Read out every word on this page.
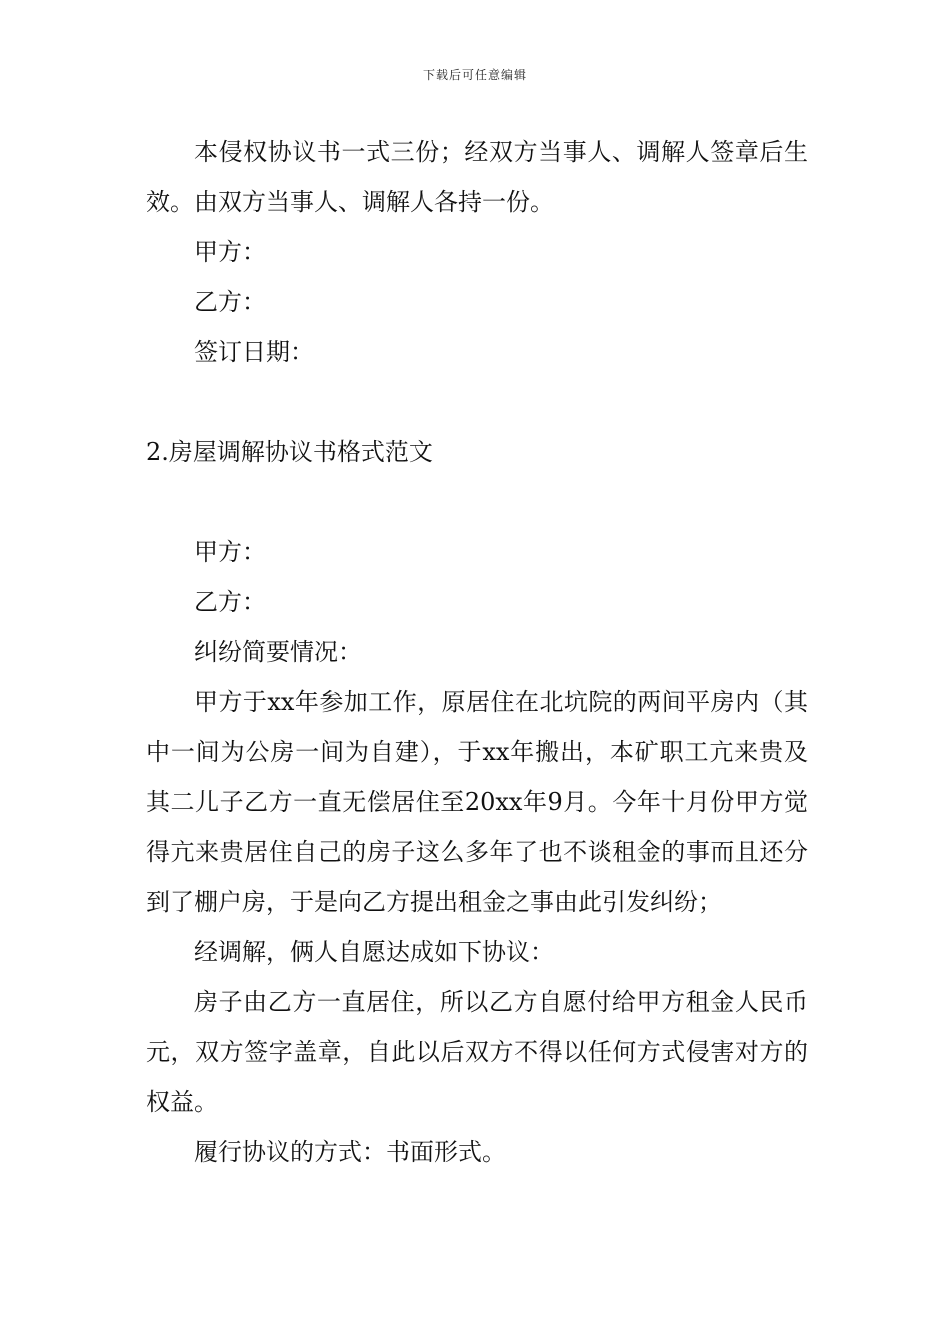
下载后可任意编辑

本侵权协议书一式三份；经双方当事人、调解人签章后生效。由双方当事人、调解人各持一份。

甲方：

乙方：

签订日期：

2.房屋调解协议书格式范文

甲方：

乙方：

纠纷简要情况：

甲方于xx年参加工作，原居住在北坑院的两间平房内（其中一间为公房一间为自建），于xx年搬出，本矿职工亢来贵及其二儿子乙方一直无偿居住至20xx年9月。今年十月份甲方觉得亢来贵居住自己的房子这么多年了也不谈租金的事而且还分到了棚户房，于是向乙方提出租金之事由此引发纠纷；

经调解，俩人自愿达成如下协议：

房子由乙方一直居住，所以乙方自愿付给甲方租金人民币元，双方签字盖章，自此以后双方不得以任何方式侵害对方的权益。

履行协议的方式：书面形式。
